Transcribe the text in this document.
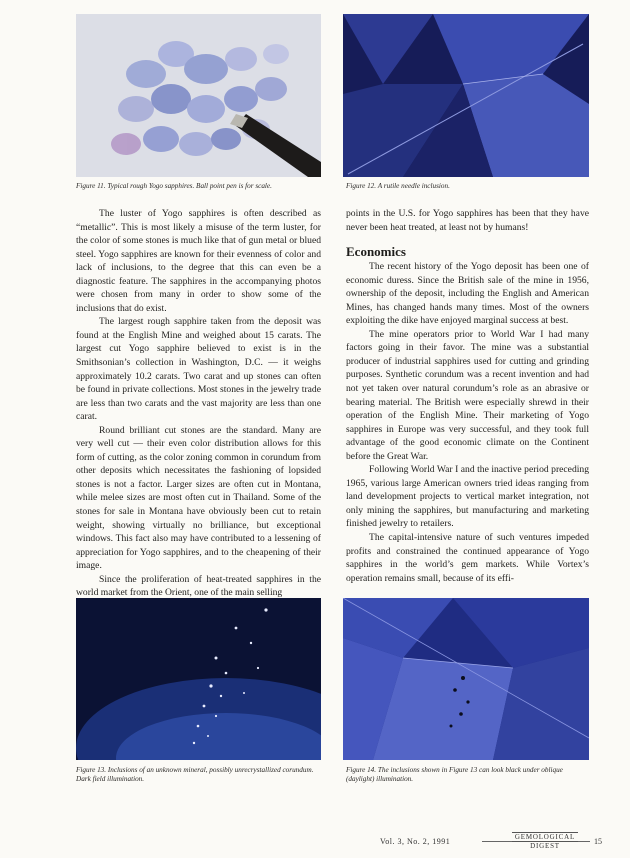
Figure 11. Typical rough Yogo sapphires. Ball point pen is for scale.	Figure 12. A rutile needle inclusion.

The luster of Yogo sapphires is often described as “metallic”. This is most likely a misuse of the term luster, for the color of some stones is much like that of gun metal or blued steel. Yogo sapphires are known for their evenness of color and lack of inclusions, to the degree that this can even be a diagnostic feature. The sapphires in the accompanying photos were chosen from many in order to show some of the inclusions that do exist.

The largest rough sapphire taken from the deposit was found at the English Mine and weighed about 15 carats. The largest cut Yogo sapphire believed to exist is in the Smithsonian’s collection in Washington, D.C. — it weighs approximately 10.2 carats. Two carat and up stones can often be found in private collections. Most stones in the jewelry trade are less than two carats and the vast majority are less than one carat.

Round brilliant cut stones are the standard. Many are very well cut — their even color distribution allows for this form of cutting, as the color zoning common in corundum from other deposits which necessitates the fashioning of lopsided stones is not a factor. Larger sizes are often cut in Montana, while melee sizes are most often cut in Thailand. Some of the stones for sale in Montana have obviously been cut to retain weight, showing virtually no brilliance, but exceptional windows. This fact also may have contributed to a lessening of appreciation for Yogo sapphires, and to the cheapening of their image.

Since the proliferation of heat-treated sapphires in the world market from the Orient, one of the main selling

points in the U.S. for Yogo sapphires has been that they have never been heat treated, at least not by humans!

Economics

The recent history of the Yogo deposit has been one of economic duress. Since the British sale of the mine in 1956, ownership of the deposit, including the English and American Mines, has changed hands many times. Most of the owners exploiting the dike have enjoyed marginal success at best.

The mine operators prior to World War I had many factors going in their favor. The mine was a substantial producer of industrial sapphires used for cutting and grinding purposes. Synthetic corundum was a recent invention and had not yet taken over natural corundum’s role as an abrasive or bearing material. The British were especially shrewd in their operation of the English Mine. Their marketing of Yogo sapphires in Europe was very successful, and they took full advantage of the good economic climate on the Continent before the Great War.

Following World War I and the inactive period preceding 1965, various large American owners tried ideas ranging from land development projects to vertical market integration, not only mining the sapphires, but manufacturing and marketing finished jewelry to retailers.

The capital-intensive nature of such ventures impeded profits and constrained the continued appearance of Yogo sapphires in the world’s gem markets. While Vortex’s operation remains small, because of its effi-

Figure 13. Inclusions of an unknown mineral, possibly unrecrystallized corundum. Dark field illumination.
Figure 14. The inclusions shown in Figure 13 can look black under oblique (daylight) illumination.
Vol. 3, No. 2, 1991	GEMOLOGICAL
DIGEST	15
